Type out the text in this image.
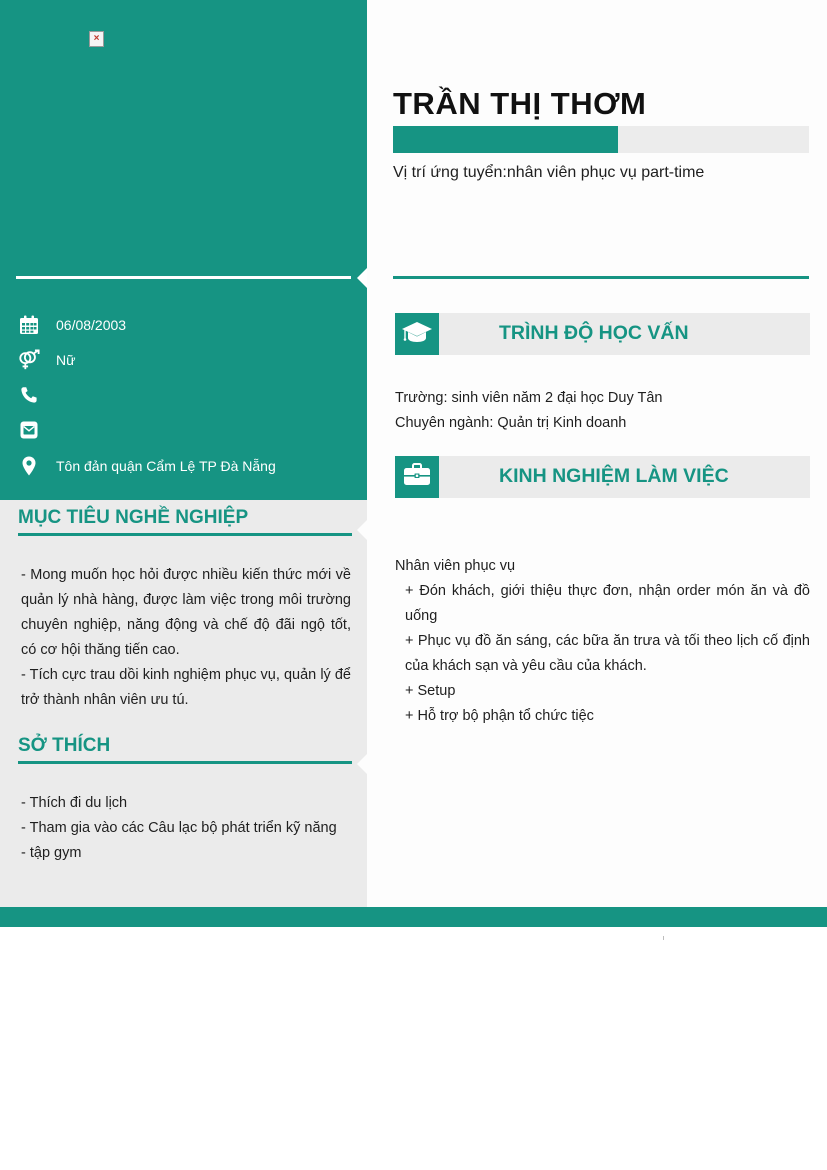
×
06/08/2003
Nữ
Tôn đản quận Cẩm Lệ TP Đà Nẵng
MỤC TIÊU NGHỀ NGHIỆP

- Mong muốn học hỏi được nhiều kiến thức mới về quản lý nhà hàng, được làm việc trong môi trường chuyên nghiệp, năng động và chế độ đãi ngộ tốt, có cơ hội thăng tiến cao.

- Tích cực trau dồi kinh nghiệm phục vụ, quản lý để trở thành nhân viên ưu tú.

SỞ THÍCH
- Thích đi du lịch
- Tham gia vào các Câu lạc bộ phát triển kỹ năng
- tập gym
TRẦN THỊ THƠM
Vị trí ứng tuyển:nhân viên phục vụ part-time
TRÌNH ĐỘ HỌC VẤN
Trường: sinh viên năm 2 đại học Duy Tân
Chuyên ngành: Quản trị Kinh doanh
KINH NGHIỆM LÀM VIỆC
Nhân viên phục vụ

+ Đón khách, giới thiệu thực đơn, nhận order món ăn và đồ uống

+ Phục vụ đồ ăn sáng, các bữa ăn trưa và tối theo lịch cố định của khách sạn và yêu cầu của khách.

+ Setup

+ Hỗ trợ bộ phận tổ chức tiệc
